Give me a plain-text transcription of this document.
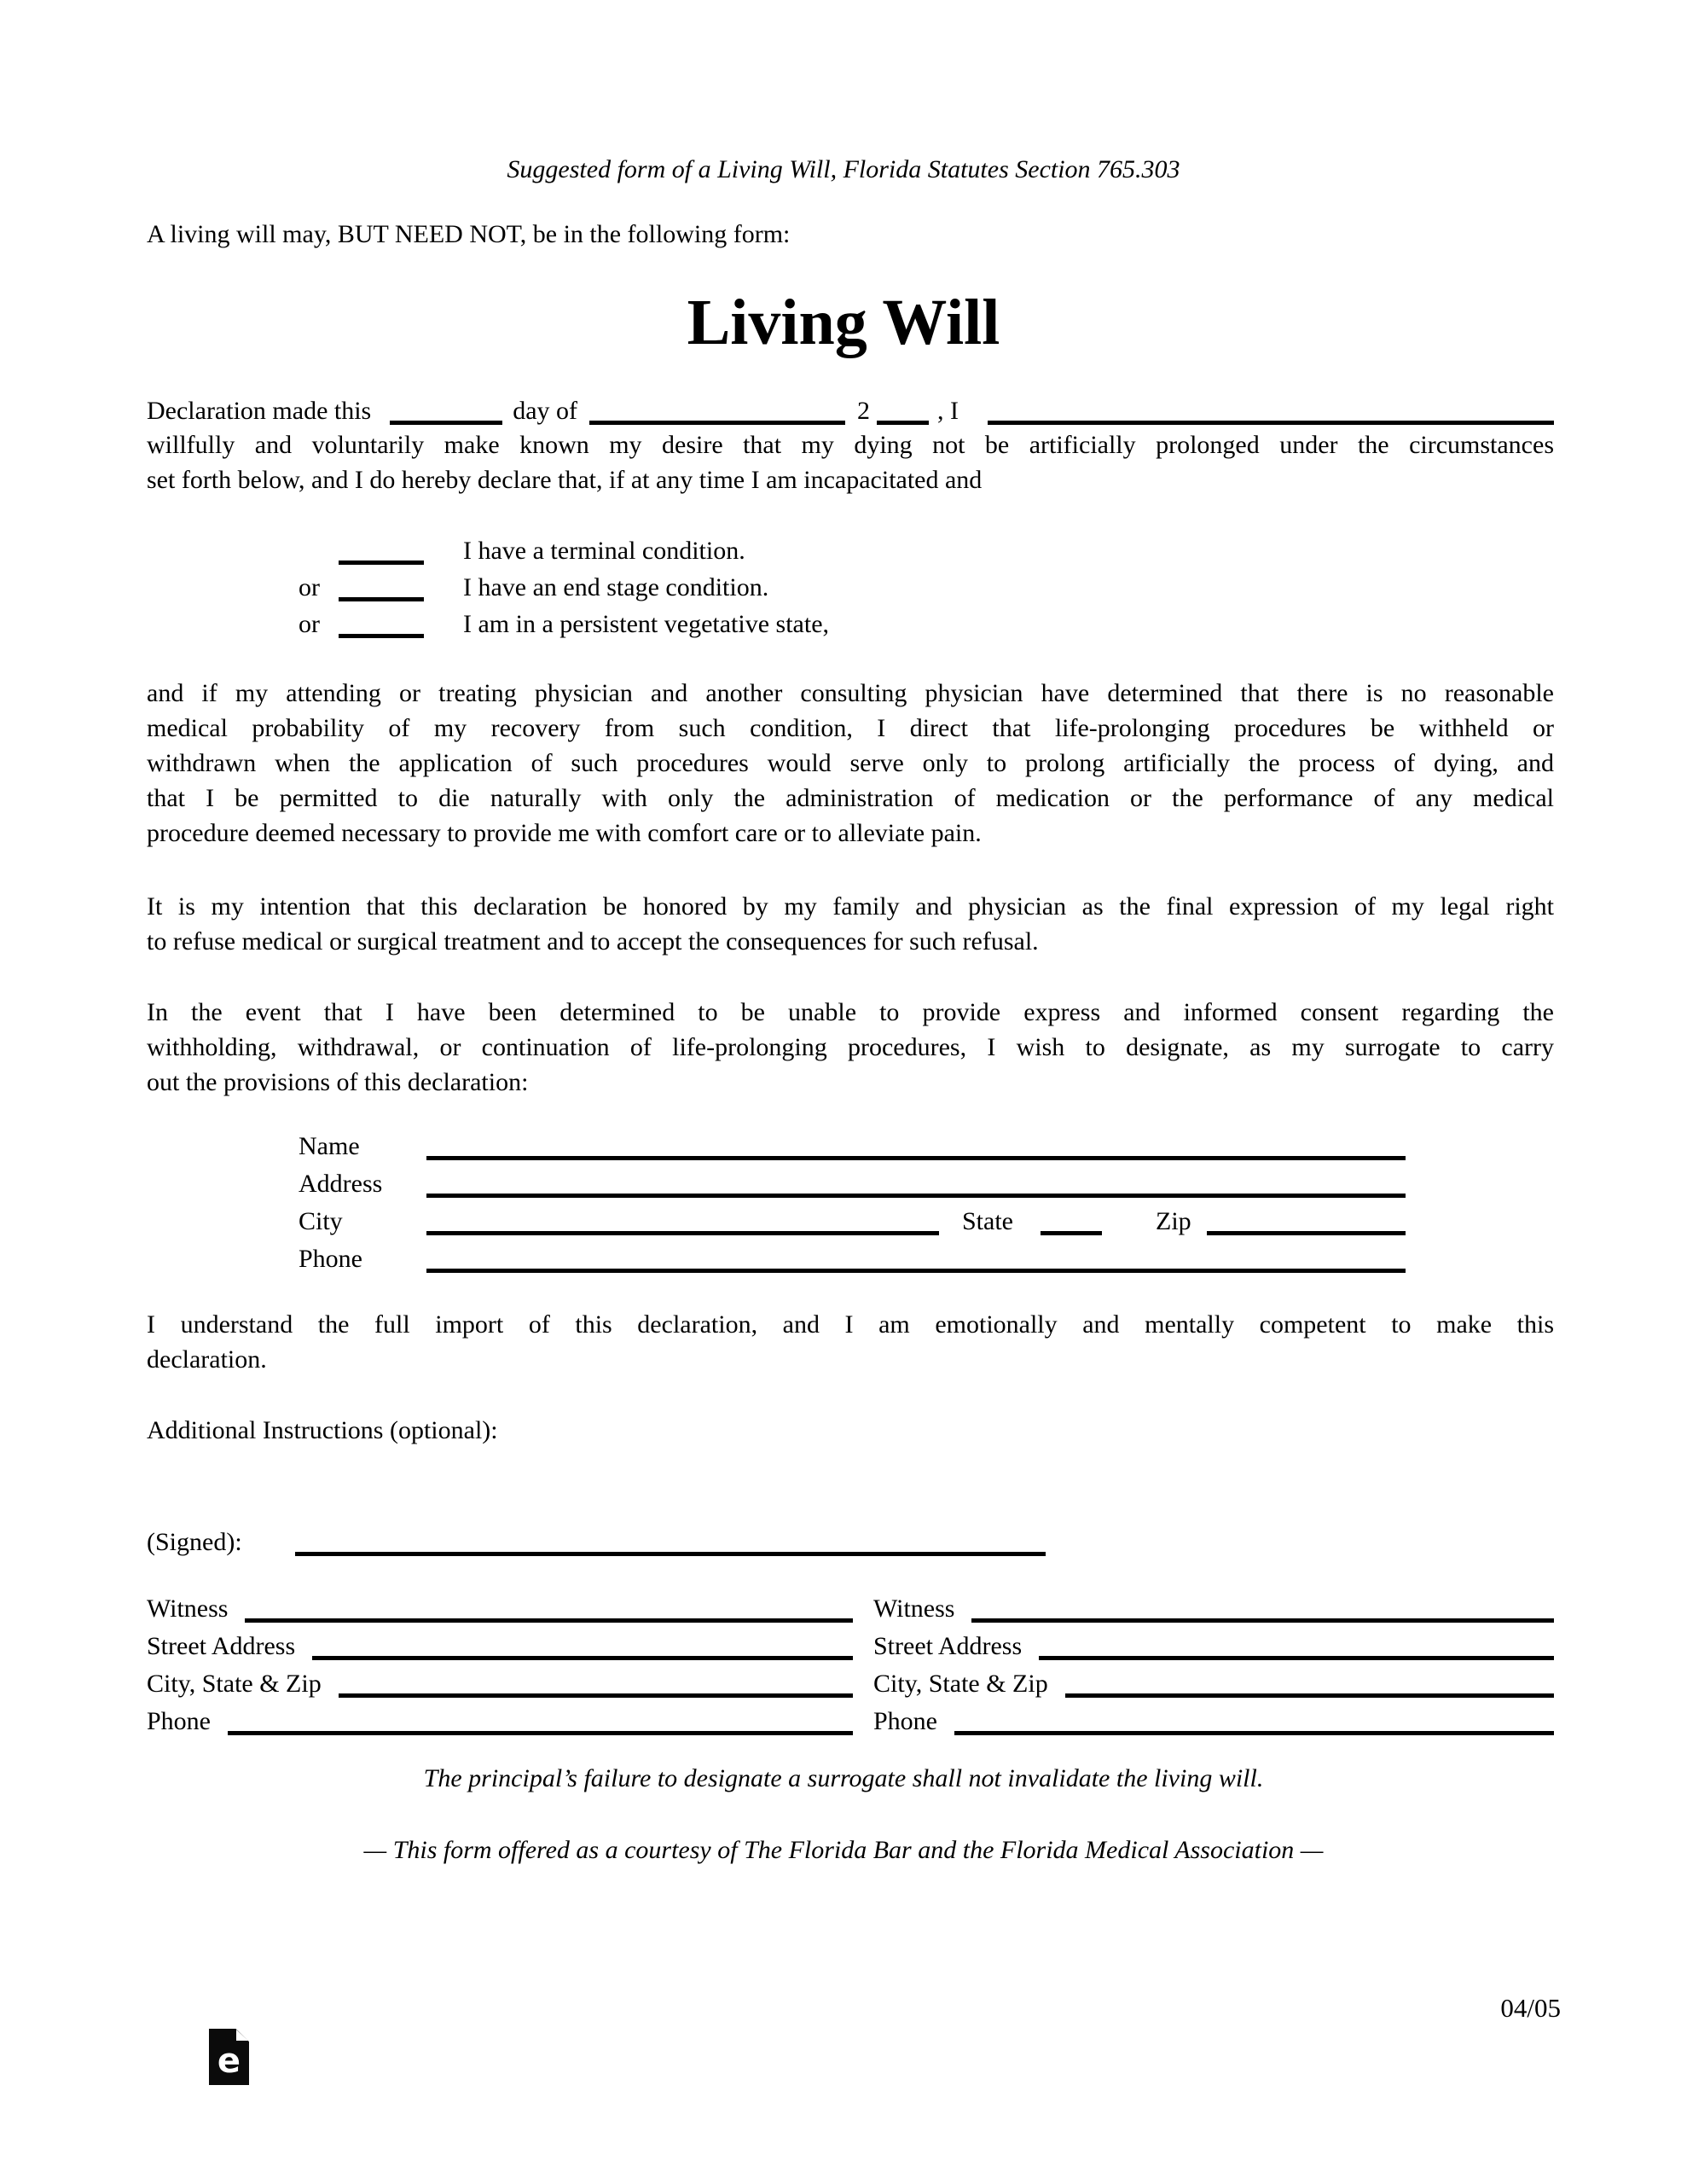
Suggested form of a Living Will, Florida Statutes Section 765.303
A living will may, BUT NEED NOT, be in the following form:
Living Will
Declaration made this	day of	2	, I
willfully and voluntarily make known my desire that my dying not be artificially prolonged under the circumstances
set forth below, and I do hereby declare that, if at any time I am incapacitated and
I have a terminal condition.
or	I have an end stage condition.
or	I am in a persistent vegetative state,
and if my attending or treating physician and another consulting physician have determined that there is no reasonable
medical probability of my recovery from such condition, I direct that life-prolonging procedures be withheld or
withdrawn when the application of such procedures would serve only to prolong artificially the process of dying, and
that I be permitted to die naturally with only the administration of medication or the performance of any medical
procedure deemed necessary to provide me with comfort care or to alleviate pain.
It is my intention that this declaration be honored by my family and physician as the final expression of my legal right
to refuse medical or surgical treatment and to accept the consequences for such refusal.
In the event that I have been determined to be unable to provide express and informed consent regarding the
withholding, withdrawal, or continuation of life-prolonging procedures, I wish to designate, as my surrogate to carry
out the provisions of this declaration:
Name
Address
City	State	Zip
Phone
I understand the full import of this declaration, and I am emotionally and mentally competent to make this
declaration.
Additional Instructions (optional):
(Signed):
Witness
Street Address
City, State & Zip
Phone
Witness
Street Address
City, State & Zip
Phone
The principal’s failure to designate a surrogate shall not invalidate the living will.
— This form offered as a courtesy of The Florida Bar and the Florida Medical Association —
04/05
e
